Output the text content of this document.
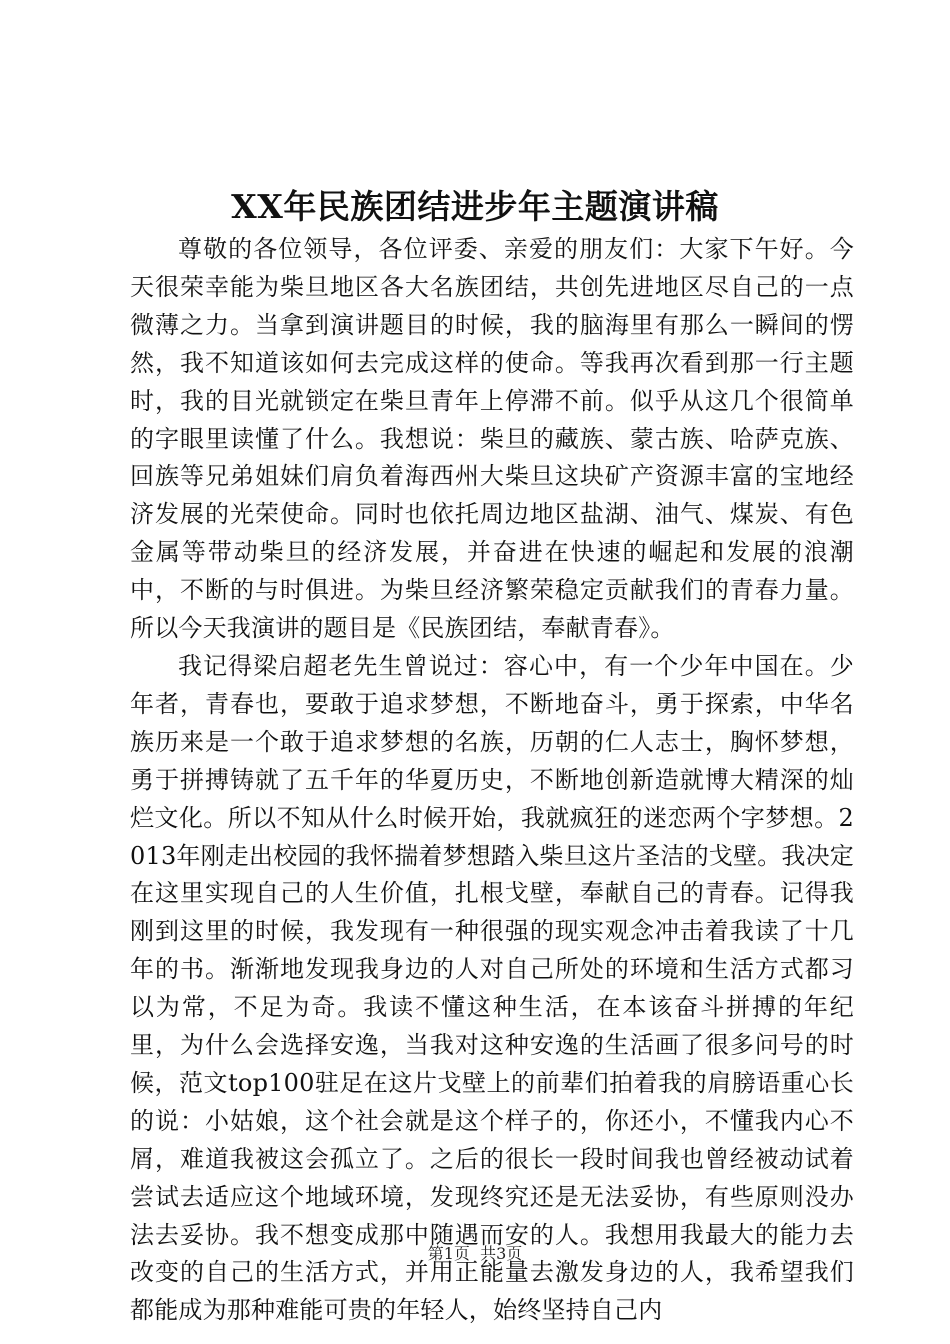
XX年民族团结进步年主题演讲稿

尊敬的各位领导，各位评委、亲爱的朋友们：大家下午好。今天很荣幸能为柴旦地区各大名族团结，共创先进地区尽自己的一点微薄之力。当拿到演讲题目的时候，我的脑海里有那么一瞬间的愣然，我不知道该如何去完成这样的使命。等我再次看到那一行主题时，我的目光就锁定在柴旦青年上停滞不前。似乎从这几个很简单的字眼里读懂了什么。我想说：柴旦的藏族、蒙古族、哈萨克族、回族等兄弟姐妹们肩负着海西州大柴旦这块矿产资源丰富的宝地经济发展的光荣使命。同时也依托周边地区盐湖、油气、煤炭、有色金属等带动柴旦的经济发展，并奋进在快速的崛起和发展的浪潮中，不断的与时俱进。为柴旦经济繁荣稳定贡献我们的青春力量。所以今天我演讲的题目是《民族团结，奉献青春》。

我记得梁启超老先生曾说过：容心中，有一个少年中国在。少年者，青春也，要敢于追求梦想，不断地奋斗，勇于探索，中华名族历来是一个敢于追求梦想的名族，历朝的仁人志士，胸怀梦想，勇于拼搏铸就了五千年的华夏历史，不断地创新造就博大精深的灿烂文化。所以不知从什么时候开始，我就疯狂的迷恋两个字梦想。2013年刚走出校园的我怀揣着梦想踏入柴旦这片圣洁的戈壁。我决定在这里实现自己的人生价值，扎根戈壁，奉献自己的青春。记得我刚到这里的时候，我发现有一种很强的现实观念冲击着我读了十几年的书。渐渐地发现我身边的人对自己所处的环境和生活方式都习以为常，不足为奇。我读不懂这种生活，在本该奋斗拼搏的年纪里，为什么会选择安逸，当我对这种安逸的生活画了很多问号的时候，范文top100驻足在这片戈壁上的前辈们拍着我的肩膀语重心长的说：小姑娘，这个社会就是这个样子的，你还小，不懂我内心不屑，难道我被这会孤立了。之后的很长一段时间我也曾经被动试着尝试去适应这个地域环境，发现终究还是无法妥协，有些原则没办法去妥协。我不想变成那中随遇而安的人。我想用我最大的能力去改变的自己的生活方式，并用正能量去激发身边的人，我希望我们都能成为那种难能可贵的年轻人，始终坚持自己内

第1页  共3页
